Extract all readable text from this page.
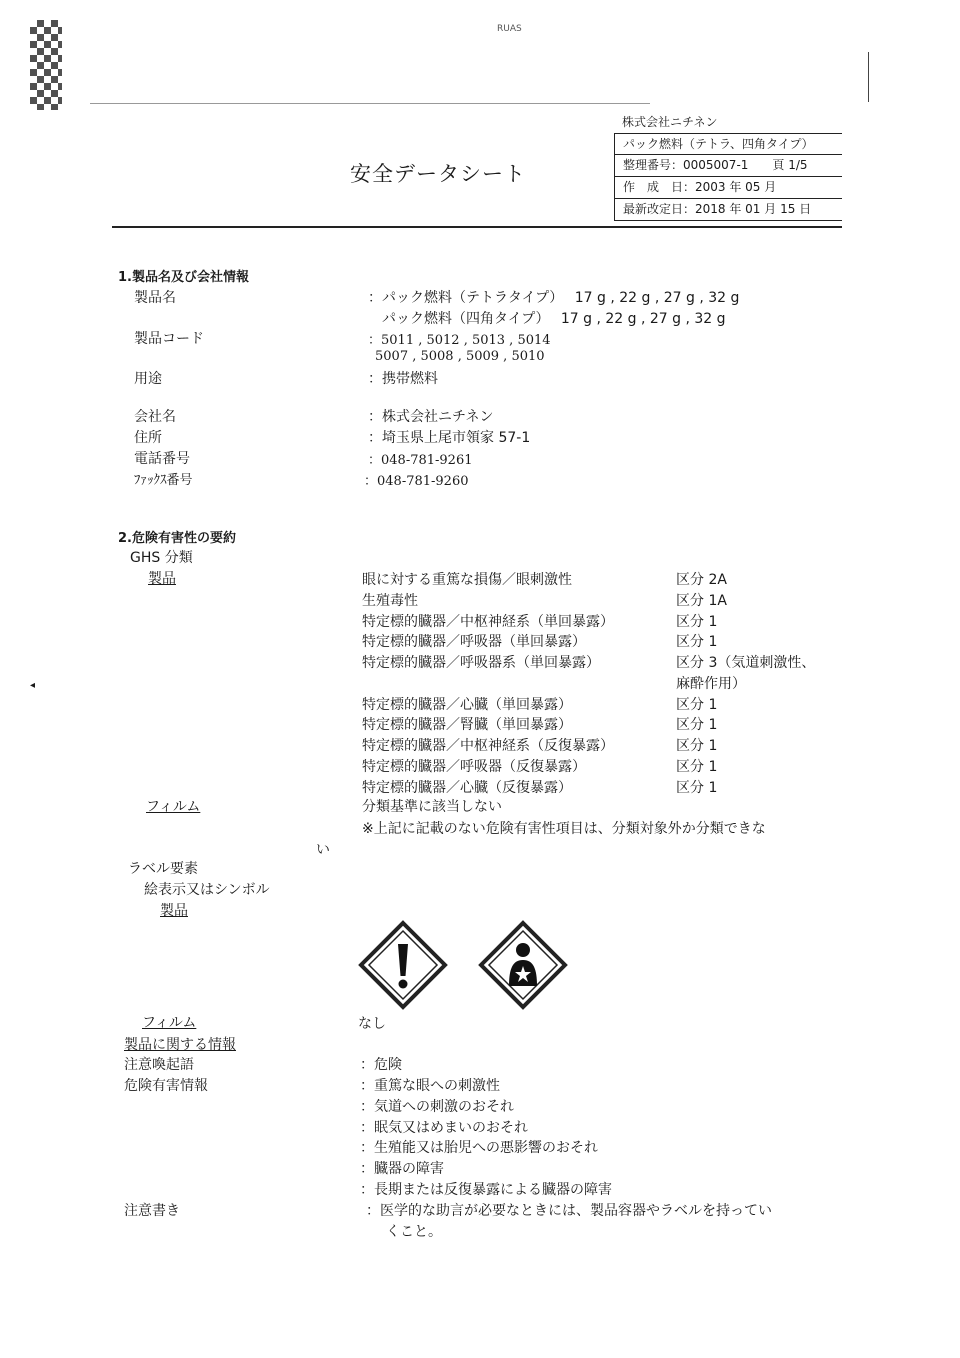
RUAS
株式会社ニチネン
パック燃料（テトラ、四角タイプ）
整理番号：0005007-1　　頁 1/5
作　成　日：2003 年 05 月
最新改定日：2018 年 01 月 15 日
安全データシート
1.製品名及び会社情報
製品名	：パック燃料（テトラタイプ）　 17 g , 22 g , 27 g , 32 g
　パック燃料（四角タイプ）　 17 g , 22 g , 27 g , 32 g
製品コード	：5011 , 5012 , 5013 , 5014
5007 , 5008 , 5009 , 5010
用途	：携帯燃料
会社名	：株式会社ニチネン
住所	：埼玉県上尾市領家 57-1
電話番号	：048-781-9261
ﾌｧｯｸｽ番号	：048-781-9260
2.危険有害性の要約
GHS 分類
製品	眼に対する重篤な損傷／眼刺激性	区分 2A
生殖毒性	区分 1A
特定標的臓器／中枢神経系（単回暴露）	区分 1
特定標的臓器／呼吸器（単回暴露）	区分 1
特定標的臓器／呼吸器系（単回暴露）	区分 3（気道刺激性、
麻酔作用）
特定標的臓器／心臓（単回暴露）	区分 1
特定標的臓器／腎臓（単回暴露）	区分 1
特定標的臓器／中枢神経系（反復暴露）	区分 1
特定標的臓器／呼吸器（反復暴露）	区分 1
特定標的臓器／心臓（反復暴露）	区分 1
フィルム	分類基準に該当しない
※上記に記載のない危険有害性項目は、分類対象外か分類できな
い
ラベル要素
絵表示又はシンボル
製品
フィルム	なし
製品に関する情報
注意喚起語	：危険
危険有害情報	：重篤な眼への刺激性
：気道への刺激のおそれ
：眠気又はめまいのおそれ
：生殖能又は胎児への悪影響のおそれ
：臓器の障害
：長期または反復暴露による臓器の障害
注意書き	：医学的な助言が必要なときには、製品容器やラベルを持ってい
くこと。
◂
